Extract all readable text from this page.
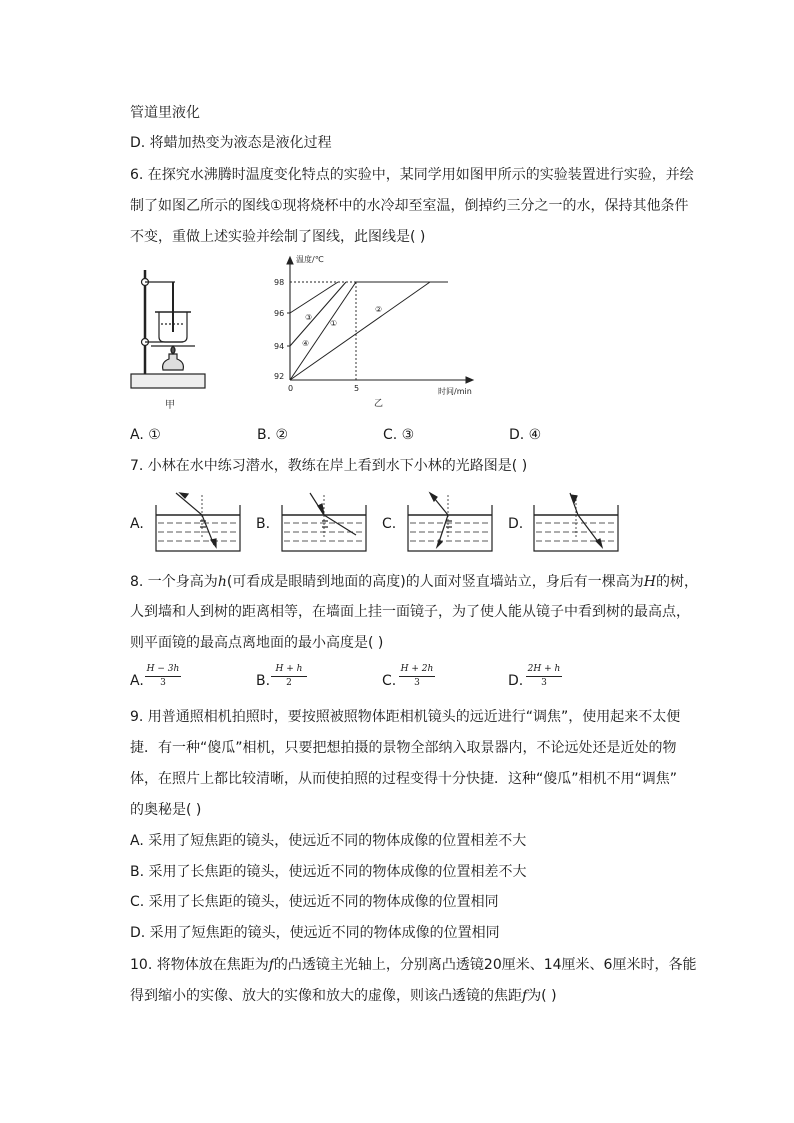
管道里液化
D. 将蜡加热变为液态是液化过程
6. 在探究水沸腾时温度变化特点的实验中，某同学用如图甲所示的实验装置进行实验，并绘
制了如图乙所示的图线①现将烧杯中的水冷却至室温，倒掉约三分之一的水，保持其他条件
不变，重做上述实验并绘制了图线，此图线是( )
甲
温度/℃
时间/min
98
96
94
92
0	5
乙
①
②
③
④
A. ①	B. ②	C. ③	D. ④
7. 小林在水中练习潜水，教练在岸上看到水下小林的光路图是( )
A.	B.	C.	D.
8. 一个身高为h(可看成是眼睛到地面的高度)的人面对竖直墙站立，身后有一棵高为H的树，
人到墙和人到树的距离相等，在墙面上挂一面镜子，为了使人能从镜子中看到树的最高点，
则平面镜的最高点离地面的最小高度是( )
A.
H − 3h
3	B.
H + h
2	C.
H + 2h
3	D.
2H + h
3
9. 用普通照相机拍照时，要按照被照物体距相机镜头的远近进行“调焦”，使用起来不太便
捷．有一种“傻瓜”相机，只要把想拍摄的景物全部纳入取景器内，不论远处还是近处的物
体，在照片上都比较清晰，从而使拍照的过程变得十分快捷．这种“傻瓜”相机不用“调焦”
的奥秘是( )
A. 采用了短焦距的镜头，使远近不同的物体成像的位置相差不大
B. 采用了长焦距的镜头，使远近不同的物体成像的位置相差不大
C. 采用了长焦距的镜头，使远近不同的物体成像的位置相同
D. 采用了短焦距的镜头，使远近不同的物体成像的位置相同
10. 将物体放在焦距为f的凸透镜主光轴上，分别离凸透镜20厘米、14厘米、6厘米时，各能
得到缩小的实像、放大的实像和放大的虚像，则该凸透镜的焦距f为( )
